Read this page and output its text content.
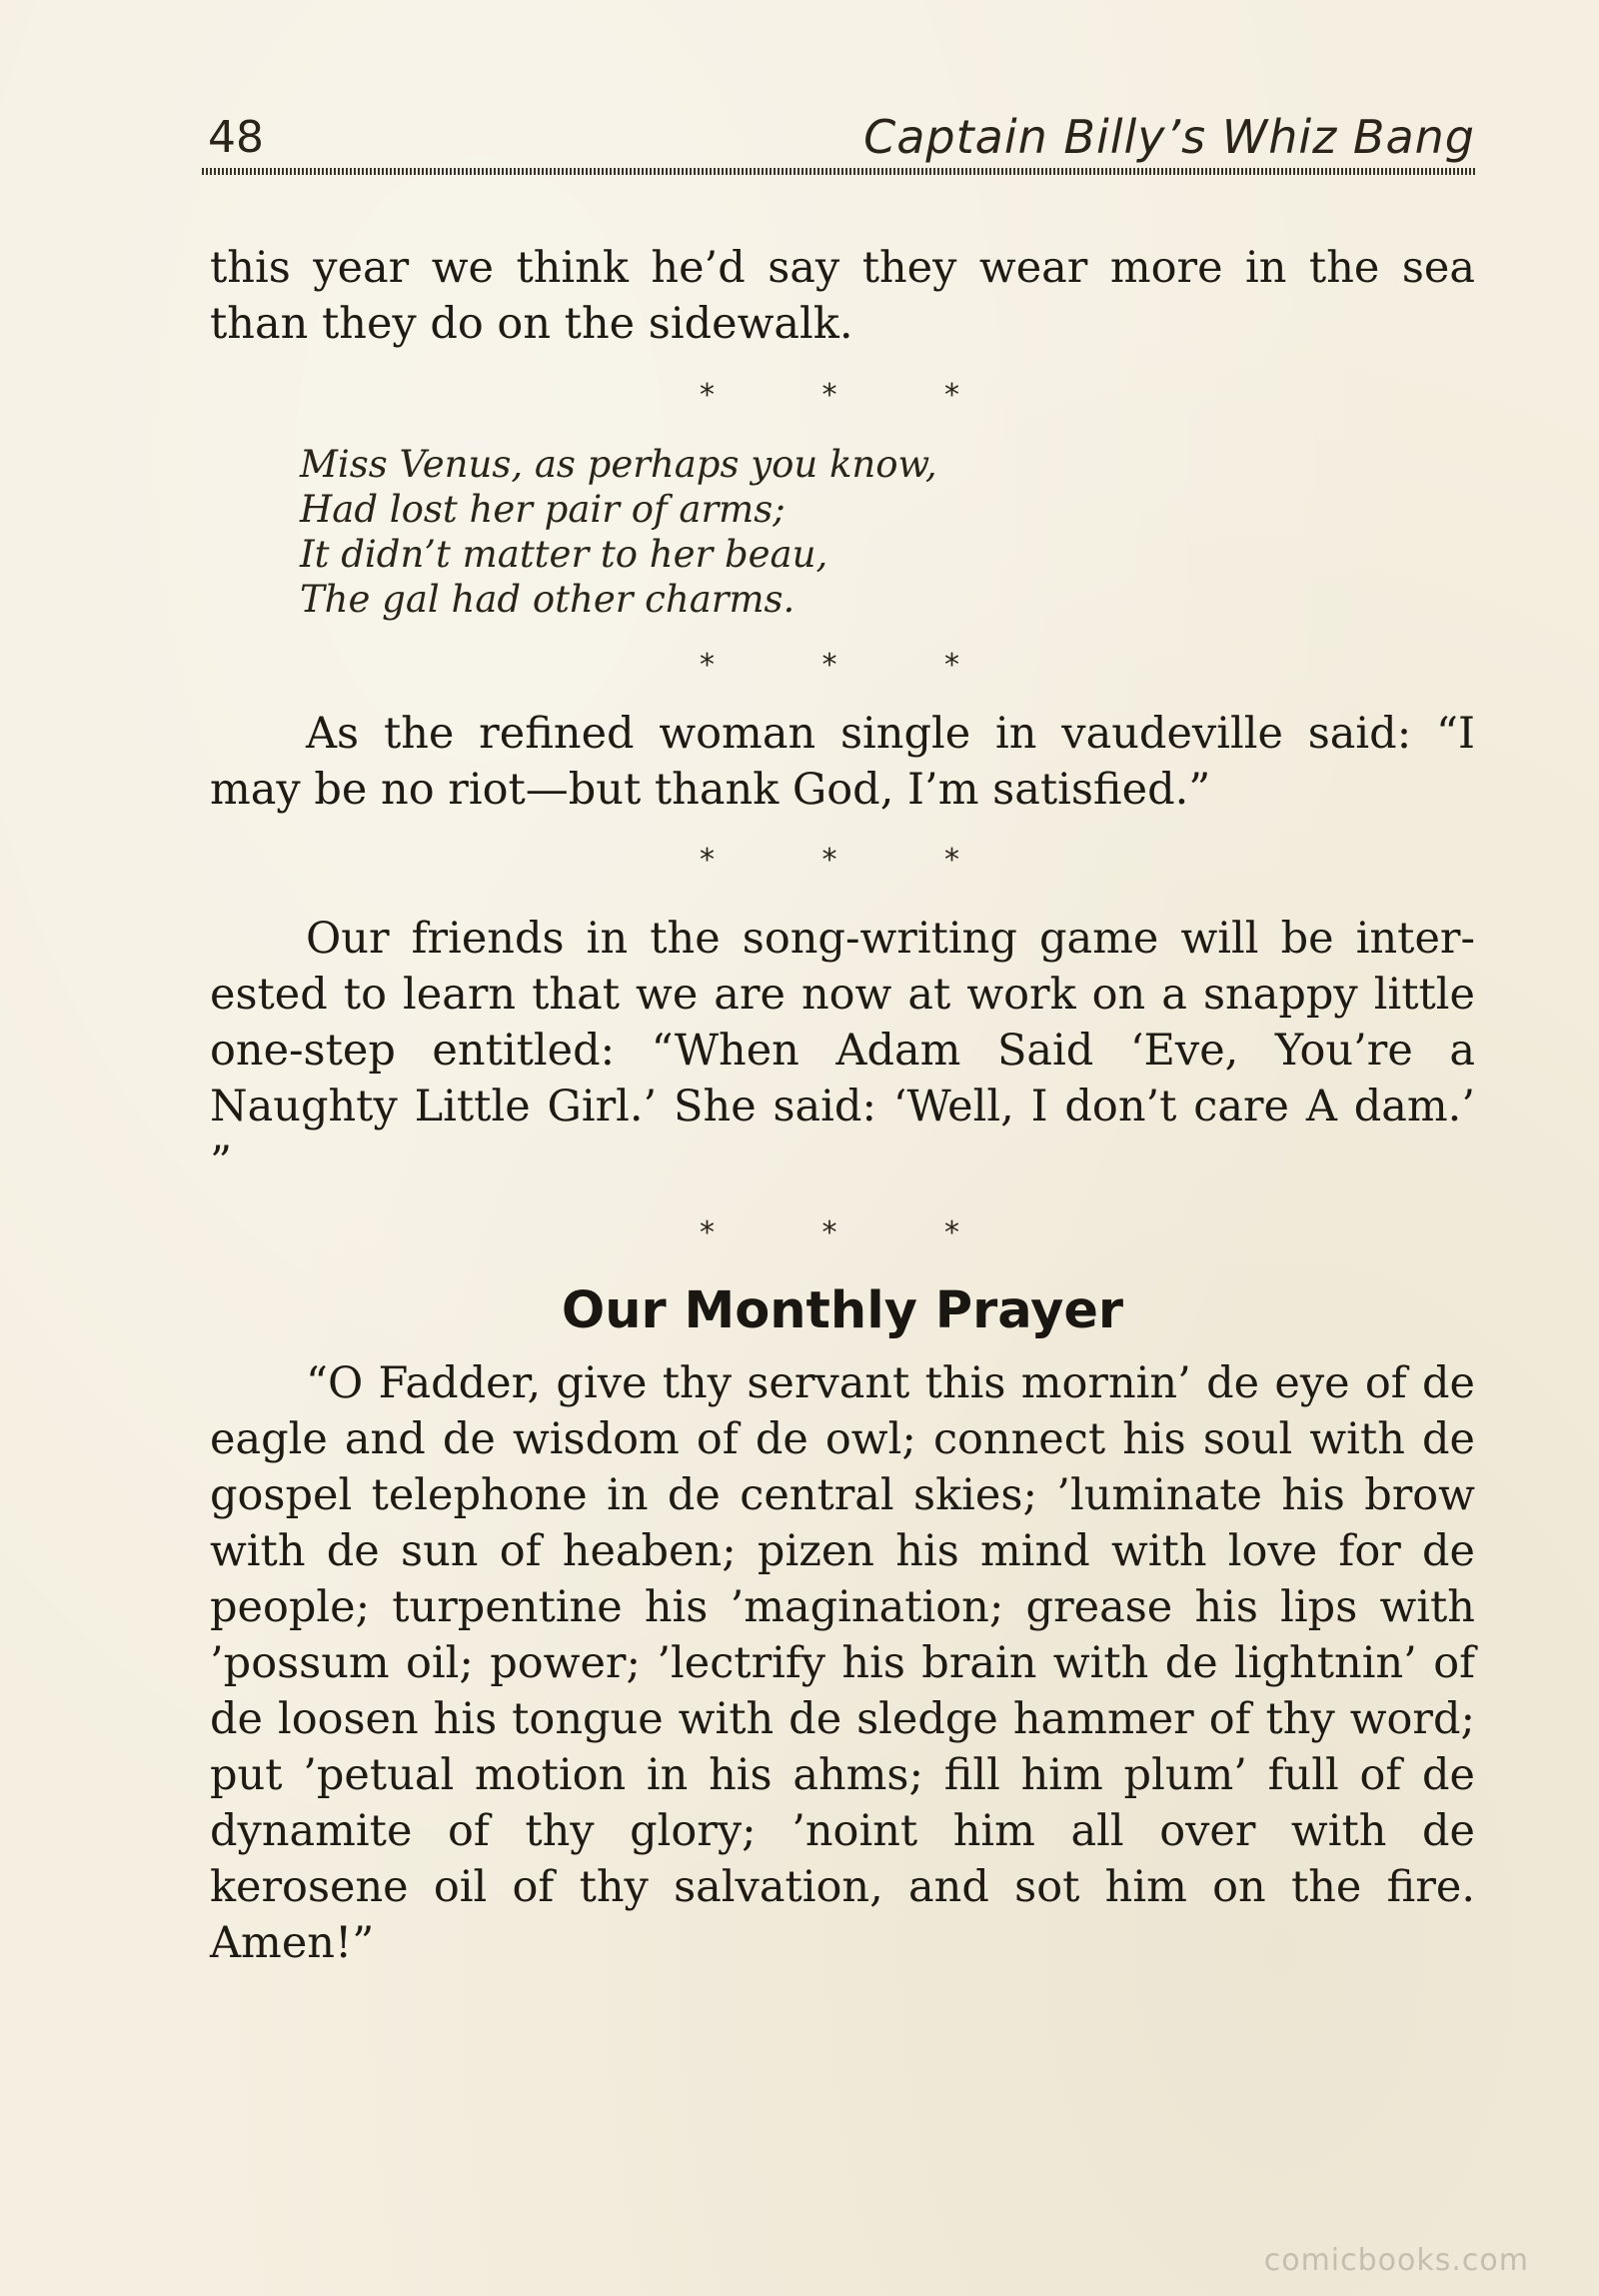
48	Captain Billy’s Whiz Bang

this year we think he’d say they wear more in the sea than they do on the sidewalk.

*	*	*
Miss Venus, as perhaps you know,
Had lost her pair of arms;
It didn’t matter to her beau,
The gal had other charms.
*	*	*

As the refined woman single in vaudeville said: “I may be no riot—but thank God, I’m satisfied.”

*	*	*

Our friends in the song-writing game will be interested to learn that we are now at work on a snappy little one-step entitled: “When Adam Said ‘Eve, You’re a Naughty Little Girl.’ She said: ‘Well, I don’t care A dam.’ ”

*	*	*
Our Monthly Prayer

“O Fadder, give thy servant this mornin’ de eye of de eagle and de wisdom of de owl; connect his soul with de gospel telephone in de central skies; ’luminate his brow with de sun of heaben; pizen his mind with love for de people; turpentine his ’magination; grease his lips with ’possum oil; power; ’lectrify his brain with de lightnin’ of de loosen his tongue with de sledge hammer of thy word; put ’petual motion in his ahms; fill him plum’ full of de dynamite of thy glory; ’noint him all over with de kerosene oil of thy salvation, and sot him on the fire. Amen!”

comicbooks.com
